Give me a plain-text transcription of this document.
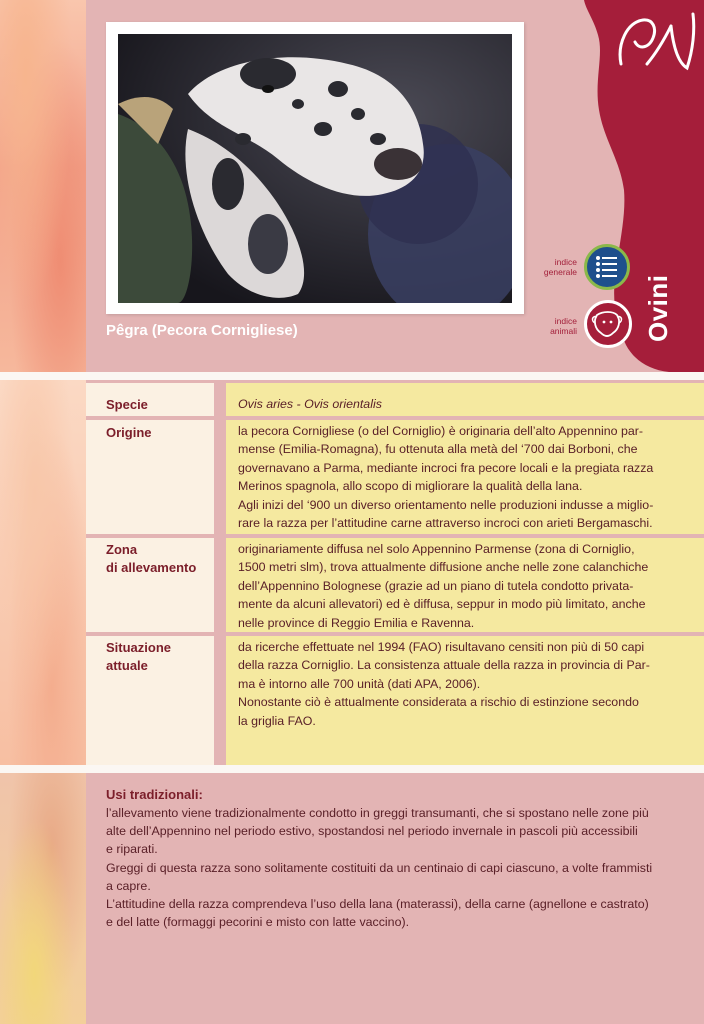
Pêgra (Pecora Cornigliese)
indice
generale
indice
animali	Ovini
Specie
Origine
Zona
di allevamento
Situazione
attuale
Ovis aries - Ovis orientalis
la pecora Cornigliese (o del Corniglio) è originaria dell’alto Appennino par-
mense (Emilia-Romagna), fu ottenuta alla metà del ‘700 dai Borboni, che
governavano a Parma, mediante incroci fra pecore locali e la pregiata razza
Merinos spagnola, allo scopo di migliorare la qualità della lana.
Agli inizi del ‘900 un diverso orientamento nelle produzioni indusse a miglio-
rare la razza per l’attitudine carne attraverso incroci con arieti Bergamaschi.
originariamente diffusa nel solo Appennino Parmense (zona di Corniglio,
1500 metri slm), trova attualmente diffusione anche nelle zone calanchiche
dell’Appennino Bolognese (grazie ad un piano di tutela condotto privata-
mente da alcuni allevatori) ed è diffusa, seppur in modo più limitato, anche
nelle province di Reggio Emilia e Ravenna.
da ricerche effettuate nel 1994 (FAO) risultavano censiti non più di 50 capi
della razza Corniglio. La consistenza attuale della razza in provincia di Par-
ma è intorno alle 700 unità (dati APA, 2006).
Nonostante ciò è attualmente considerata a rischio di estinzione secondo
la griglia FAO.
Usi tradizionali:

l’allevamento viene tradizionalmente condotto in greggi transumanti, che si spostano nelle zone più

alte dell’Appennino nel periodo estivo, spostandosi nel periodo invernale in pascoli più accessibili

e riparati.

Greggi di questa razza sono solitamente costituiti da un centinaio di capi ciascuno, a volte frammisti

a capre.

L’attitudine della razza comprendeva l’uso della lana (materassi), della carne (agnellone e castrato)

e del latte (formaggi pecorini e misto con latte vaccino).
